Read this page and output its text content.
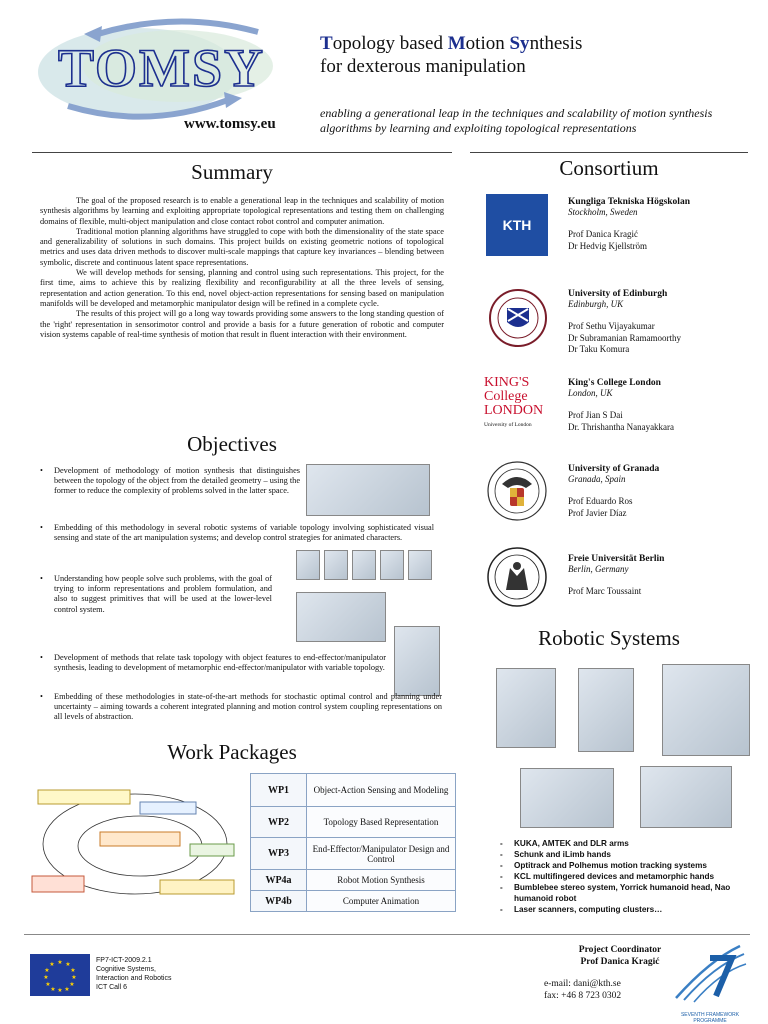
TOMSY
www.tomsy.eu
Topology based Motion Synthesis
for dexterous manipulation
enabling a generational leap in the techniques and scalability of motion synthesis algorithms by learning and exploiting topological representations
Summary

The goal of the proposed research is to enable a generational leap in the techniques and scalability of motion synthesis algorithms by learning and exploiting appropriate topological representations and testing them on challenging domains of flexible, multi-object manipulation and close contact robot control and computer animation.

Traditional motion planning algorithms have struggled to cope with both the dimensionality of the state space and generalizability of solutions in such domains. This project builds on existing geometric notions of topological metrics and uses data driven methods to discover multi-scale mappings that capture key invariances – blending between symbolic, discrete and continuous latent space representations.

We will develop methods for sensing, planning and control using such representations. This project, for the first time, aims to achieve this by realizing flexibility and reconfigurability at all the three levels of sensing, representation and action generation. To this end, novel object-action representations for sensing based on manipulation manifolds will be developed and metamorphic manipulator design will be refined in a complete cycle.

The results of this project will go a long way towards providing some answers to the long standing question of the 'right' representation in sensorimotor control and provide a basis for a future generation of robotic and computer vision systems capable of real-time synthesis of motion that result in fluent interaction with their environment.

Objectives
• Development of methodology of motion synthesis that distinguishes between the topology of the object from the detailed geometry – using the former to reduce the complexity of problems solved in the latter space.
• Embedding of this methodology in several robotic systems of variable topology involving sophisticated visual sensing and state of the art manipulation systems; and develop control strategies for animated characters.
• Understanding how people solve such problems, with the goal of trying to inform representations and problem formulation, and also to suggest primitives that will be used at the lower-level control system.
• Development of methods that relate task topology with object features to end-effector/manipulator synthesis, leading to development of metamorphic end-effector/manipulator with variable topology.
• Embedding of these methodologies in state-of-the-art methods for stochastic optimal control and planning under uncertainty – aiming towards a coherent integrated planning and motion control system coupling representations on all levels of abstraction.
Work Packages
WP1	Object-Action Sensing and Modeling
WP2	Topology Based Representation
WP3	End-Effector/Manipulator Design and Control
WP4a	Robot Motion Synthesis
WP4b	Computer Animation
Consortium
KTH
Kungliga Tekniska Högskolan
Stockholm, Sweden
Prof Danica Kragić
Dr Hedvig Kjellström
University of Edinburgh
Edinburgh, UK
Prof Sethu Vijayakumar
Dr Subramanian Ramamoorthy
Dr Taku Komura
KING'S College LONDON
University of London
King's College London
London, UK
Prof Jian S Dai
Dr. Thrishantha Nanayakkara
University of Granada
Granada, Spain
Prof Eduardo Ros
Prof Javier Díaz
Freie Universität Berlin
Berlin, Germany
Prof Marc Toussaint
Robotic Systems
- KUKA, AMTEK and DLR arms
- Schunk and iLimb hands
- Optitrack and Polhemus motion tracking systems
- KCL multifingered devices and metamorphic hands
- Bumblebee stereo system, Yorrick humanoid head, Nao humanoid robot
- Laser scanners, computing clusters…
★ ★
★
★
★
★
★
★
★
★
★
★
FP7-ICT-2009.2.1
Cognitive Systems,
Interaction and Robotics
ICT Call 6
Project Coordinator
Prof Danica Kragić
e-mail: dani@kth.se
fax: +46 8 723 0302
SEVENTH FRAMEWORK PROGRAMME
